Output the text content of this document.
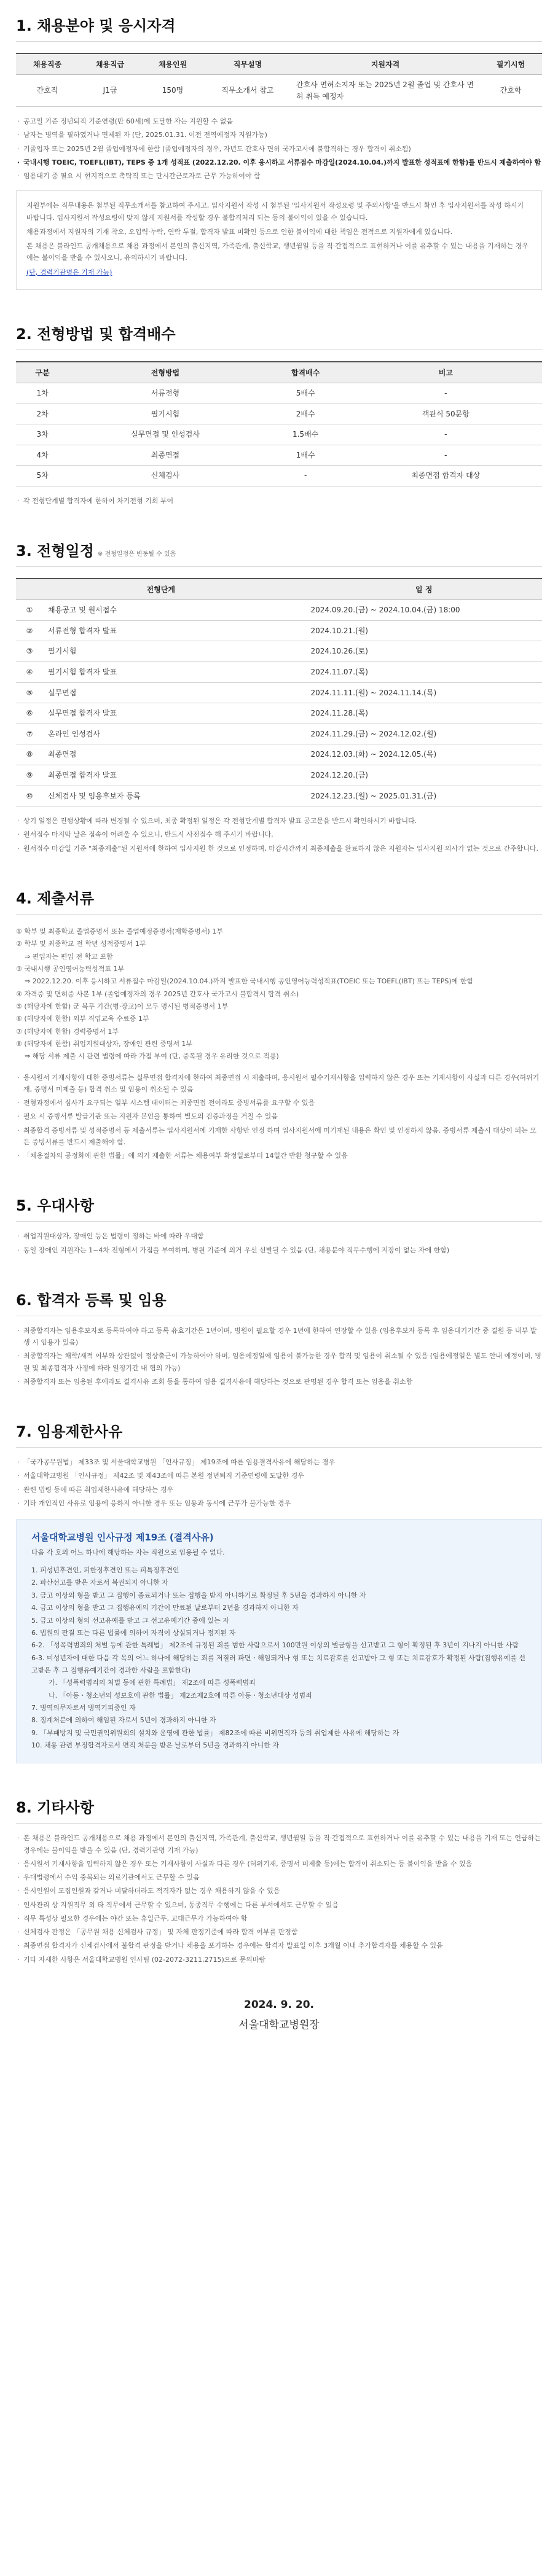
1. 채용분야 및 응시자격
채용직종	채용직급	채용인원	직무설명	지원자격	필기시험
간호직	J1급	150명	직무소개서 참고	간호사 면허소지자 또는 2025년 2월 졸업 및 간호사 면허 취득 예정자	간호학
· 공고일 기준 정년퇴직 기준연령(만 60세)에 도달한 자는 지원할 수 없음
· 남자는 병역을 필하였거나 면제된 자 (단, 2025.01.31. 이전 전역예정자 지원가능)
· 기졸업자 또는 2025년 2월 졸업예정자에 한함 (졸업예정자의 경우, 자년도 간호사 면허 국가고시에 불합격하는 경우 합격이 취소됨)
· 국내시행 TOEIC, TOEFL(IBT), TEPS 중 1개 성적표 (2022.12.20. 이후 응시하고 서류접수 마감일(2024.10.04.)까지 발표한 성적표에 한함)를 반드시 제출하여야 함
· 임용대기 중 필요 시 현지적으로 촉탁직 또는 단시간근로자로 근무 가능하여야 함

지원부에는 직무내용은 첨부된 직무소개서를 참고하여 주시고, 입사지원서 작성 시 첨부된 '입사지원서 작성요령 및 주의사항'을 반드시 확인 후 입사지원서를 작성 하시기 바랍니다. 입사지원서 작성요령에 맞지 않게 지원서를 작성할 경우 불합격처리 되는 등의 불이익이 있을 수 있습니다.

채용과정에서 지원자의 기재 착오, 오입력·누락, 연락 두절, 합격자 발표 미확인 등으로 인한 불이익에 대한 책임은 전적으로 지원자에게 있습니다.

본 채용은 블라인드 공개채용으로 채용 과정에서 본인의 출신지역, 가족관계, 출신학교, 생년월일 등을 직·간접적으로 표현하거나 이를 유추할 수 있는 내용을 기재하는 경우에는 불이익을 받을 수 있사오니, 유의하시기 바랍니다.

(단, 경력기관명은 기재 가능)

2. 전형방법 및 합격배수
구분	전형방법	합격배수	비고
1차	서류전형	5배수	-
2차	필기시험	2배수	객관식 50문항
3차	실무면접 및 인성검사	1.5배수	-
4차	최종면접	1배수	-
5차	신체검사	-	최종면접 합격자 대상
· 각 전형단계별 합격자에 한하여 차기전형 기회 부여
3. 전형일정 ※ 전형일정은 변동될 수 있음
전형단계		일 정
①	채용공고 및 원서접수	2024.09.20.(금) ~ 2024.10.04.(금) 18:00
②	서류전형 합격자 발표	2024.10.21.(월)
③	필기시험	2024.10.26.(토)
④	필기시험 합격자 발표	2024.11.07.(목)
⑤	실무면접	2024.11.11.(월) ~ 2024.11.14.(목)
⑥	실무면접 합격자 발표	2024.11.28.(목)
⑦	온라인 인성검사	2024.11.29.(금) ~ 2024.12.02.(월)
⑧	최종면접	2024.12.03.(화) ~ 2024.12.05.(목)
⑨	최종면접 합격자 발표	2024.12.20.(금)
⑩	신체검사 및 임용후보자 등록	2024.12.23.(월) ~ 2025.01.31.(금)
· 상기 일정은 진행상황에 따라 변경될 수 있으며, 최종 확정된 일정은 각 전형단계별 합격자 발표 공고문을 반드시 확인하시기 바랍니다.
· 원서접수 마지막 날은 접속이 어려울 수 있으니, 반드시 사전접수 해 주시기 바랍니다.
· 원서접수 마감일 기준 "최종제출"된 지원서에 한하여 입사지원 한 것으로 인정하며, 마감시간까지 최종제출을 완료하지 않은 지원자는 입사지원 의사가 없는 것으로 간주합니다.
4. 제출서류
① 학부 및 최종학교 졸업증명서 또는 졸업예정증명서(재학증명서) 1부
② 학부 및 최종학교 전 학년 성적증명서 1부
⇒ 편입자는 편입 전 학교 포함
③ 국내시행 공인영어능력성적표 1부
⇒ 2022.12.20. 이후 응시하고 서류접수 마감일(2024.10.04.)까지 발표한 국내시행 공인영어능력성적표(TOEIC 또는 TOEFL(IBT) 또는 TEPS)에 한함
④ 자격증 및 면허증 사본 1부 (졸업예정자의 경우 2025년 간호사 국가고시 불합격시 합격 취소)
⑤ (해당자에 한함) 군 복무 기간(병·장교)이 모두 명시된 병적증명서 1부
⑥ (해당자에 한함) 외부 직업교육 수료증 1부
⑦ (해당자에 한함) 경력증명서 1부
⑧ (해당자에 한함) 취업지원대상자, 장애인 관련 증명서 1부
⇒ 해당 서류 제출 시 관련 법령에 따라 가점 부여 (단, 중복될 경우 유리한 것으로 적용)
· 응시원서 기재사항에 대한 증빙서류는 실무면접 합격자에 한하여 최종면접 시 제출하며, 응시원서 필수기재사항을 입력하지 않은 경우 또는 기재사항이 사실과 다른 경우(허위기재, 증명서 미제출 등) 합격 취소 및 임용이 취소될 수 있음
· 전형과정에서 심사가 요구되는 일부 시스템 데이터는 최종면접 전이라도 증빙서류를 요구할 수 있음
· 필요 시 증빙서류 발급기관 또는 지원자 본인을 통하여 별도의 검증과정을 거칠 수 있음
· 최종합격 증빙서류 및 성적증명서 등 제출서류는 입사지원서에 기재한 사항만 인정 하며 입사지원서에 미기재된 내용은 확인 및 인정하지 않음. 증빙서류 제출시 대상이 되는 모든 증빙서류를 반드시 제출해야 함.
· 「채용절차의 공정화에 관한 법률」에 의거 제출한 서류는 채용여부 확정일로부터 14일간 반환 청구할 수 있음
5. 우대사항
· 취업지원대상자, 장애인 등은 법령이 정하는 바에 따라 우대함
· 동일 장애인 지원자는 1~4차 전형에서 가점을 부여하며, 병원 기준에 의거 우선 선발될 수 있음 (단, 채용분야 직무수행에 지장이 없는 자에 한함)
6. 합격자 등록 및 임용
· 최종합격자는 임용후보자로 등록하여야 하고 등록 유효기간은 1년이며, 병원이 필요할 경우 1년에 한하여 연장할 수 있음 (임용후보자 등록 후 임용대기기간 중 결원 등 내부 발생 시 임용가 있음)
· 최종합격자는 채학/재적 여부와 상관없이 정상출근이 가능하여야 하며, 임용예정일에 임용이 불가능한 경우 합격 및 임용이 취소될 수 있음 (임용예정일은 별도 안내 예정이며, 병원 및 최종합격자 사정에 따라 일정기간 내 협의 가능)
· 최종합격자 또는 임용된 후에라도 결격사유 조회 등을 통하여 임용 결격사유에 해당하는 것으로 판명된 경우 합격 또는 임용을 취소함
7. 임용제한사유
· 「국가공무원법」 제33조 및 서울대학교병원 「인사규정」 제19조에 따른 임용결격사유에 해당하는 경우
· 서울대학교병원 「인사규정」 제42조 및 제43조에 따른 본원 정년퇴직 기준연령에 도달한 경우
· 관련 법령 등에 따른 취업제한사유에 해당하는 경우
· 기타 개인적인 사유로 임용에 응하지 아니한 경우 또는 임용과 동시에 근무가 불가능한 경우
서울대학교병원 인사규정 제19조 (결격사유)

다음 각 호의 어느 하나에 해당하는 자는 직원으로 임용될 수 없다.

1. 피성년후견인, 피한정후견인 또는 피특정후견인
2. 파산선고를 받은 자로서 복권되지 아니한 자
3. 금고 이상의 형을 받고 그 집행이 종료되거나 또는 집행을 받지 아니하기로 확정된 후 5년을 경과하지 아니한 자
4. 금고 이상의 형을 받고 그 집행유예의 기간이 만료된 날로부터 2년을 경과하지 아니한 자
5. 금고 이상의 형의 선고유예를 받고 그 선고유예기간 중에 있는 자
6. 법원의 판결 또는 다른 법률에 의하여 자격이 상실되거나 정지된 자
6-2. 「성폭력범죄의 처벌 등에 관한 특례법」 제2조에 규정된 죄를 범한 사람으로서 100만원 이상의 벌금형을 선고받고 그 형이 확정된 후 3년이 지나지 아니한 사람
6-3. 미성년자에 대한 다음 각 목의 어느 하나에 해당하는 죄를 저질러 파면ㆍ해임되거나 형 또는 치료감호를 선고받아 그 형 또는 치료감호가 확정된 사람(집행유예를 선고받은 후 그 집행유예기간이 경과한 사람을 포함한다)
가. 「성폭력범죄의 처벌 등에 관한 특례법」 제2조에 따른 성폭력범죄
나. 「아동ㆍ청소년의 성보호에 관한 법률」 제2조제2호에 따른 아동ㆍ청소년대상 성범죄
7. 병역의무자로서 병역기피중인 자
8. 징계처분에 의하여 해임된 자로서 5년이 경과하지 아니한 자
9. 「부패방지 및 국민권익위원회의 설치와 운영에 관한 법률」 제82조에 따른 비위면직자 등의 취업제한 사유에 해당하는 자
10. 채용 관련 부정합격자로서 면직 처분을 받은 날로부터 5년을 경과하지 아니한 자
8. 기타사항
· 본 채용은 블라인드 공개채용으로 채용 과정에서 본인의 출신지역, 가족관계, 출신학교, 생년월일 등을 직·간접적으로 표현하거나 이를 유추할 수 있는 내용을 기재 또는 언급하는 경우에는 불이익을 받을 수 있음 (단, 경력기관명 기재 가능)
· 응시원서 기재사항을 입력하지 않은 경우 또는 기재사항이 사실과 다른 경우 (허위기재, 증명서 미제출 등)에는 합격이 취소되는 등 불이익을 받을 수 있음
· 우대법령에서 수익 중복되는 의료기관에서도 근무할 수 있음
· 응시인원이 모집인원과 같거나 미달하더라도 적격자가 없는 경우 채용하지 않을 수 있음
· 인사관리 상 지원직무 외 타 직무에서 근무할 수 있으며, 동종직무 수행에는 다른 부서에서도 근무할 수 있음
· 직무 특성상 필요한 경우에는 야간 또는 휴일근무, 교대근무가 가능하여야 함
· 신체검사 판정은 「공무원 채용 신체검사 규정」 및 자체 판정기준에 따라 합격 여부를 판정함
· 최종면접 합격자가 신체검사에서 불합격 판정을 받거나 채용을 포기하는 경우에는 합격자 발표일 이후 3개월 이내 추가합격자를 채용할 수 있음
· 기타 자세한 사항은 서울대학교병원 인사팀 (02-2072-3211,2715)으로 문의바람
2024. 9. 20.
서울대학교병원장
